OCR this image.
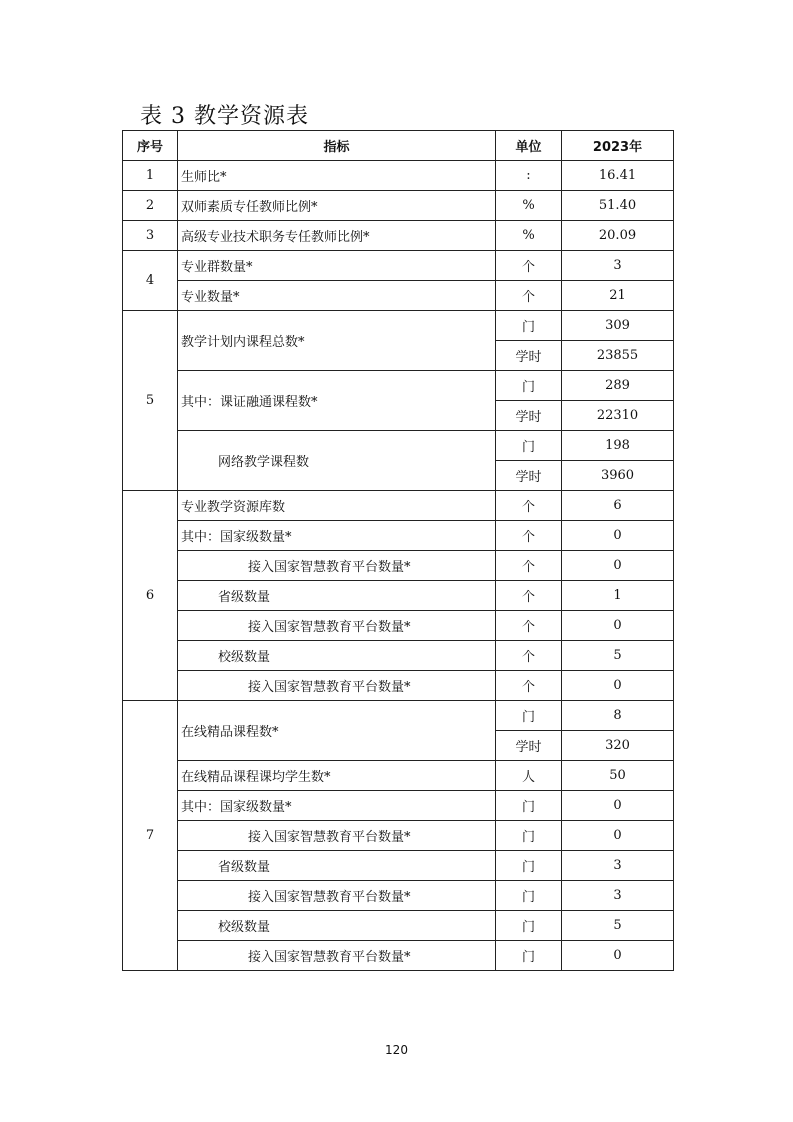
表 3 教学资源表
序号	指标	单位	2023年
1	生师比*	:	16.41
2	双师素质专任教师比例*	%	51.40
3	高级专业技术职务专任教师比例*	%	20.09
4	专业群数量*	个	3
	专业数量*	个	21
5	教学计划内课程总数*	门	309
		学时	23855
	其中：课证融通课程数*	门	289
		学时	22310
	网络教学课程数	门	198
		学时	3960
6	专业教学资源库数	个	6
	其中：国家级数量*	个	0
	接入国家智慧教育平台数量*	个	0
	省级数量	个	1
	接入国家智慧教育平台数量*	个	0
	校级数量	个	5
	接入国家智慧教育平台数量*	个	0
7	在线精品课程数*	门	8
		学时	320
	在线精品课程课均学生数*	人	50
	其中：国家级数量*	门	0
	接入国家智慧教育平台数量*	门	0
	省级数量	门	3
	接入国家智慧教育平台数量*	门	3
	校级数量	门	5
	接入国家智慧教育平台数量*	门	0
120
